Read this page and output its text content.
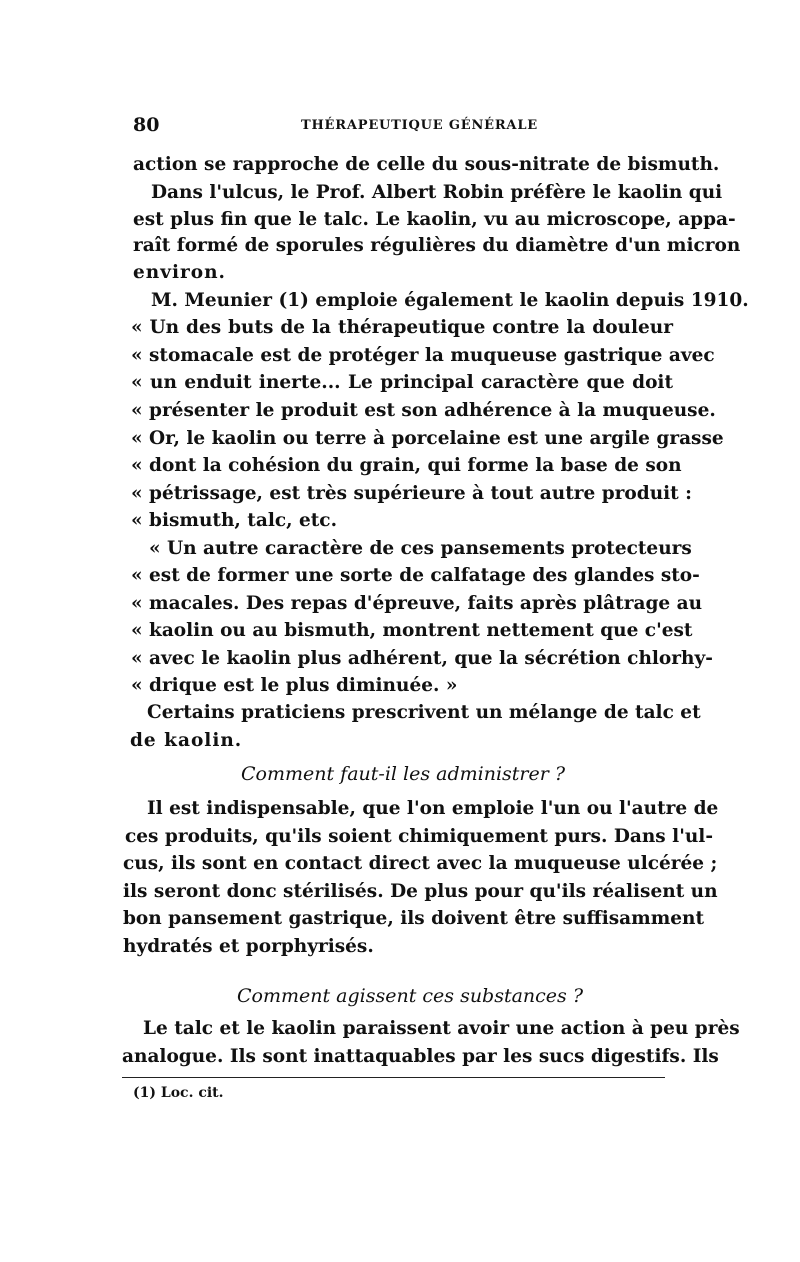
80	THÉRAPEUTIQUE GÉNÉRALE
action se rapproche de celle du sous-nitrate de bismuth.
Dans l'ulcus, le Prof. Albert Robin préfère le kaolin qui
est plus fin que le talc. Le kaolin, vu au microscope, appa-
raît formé de sporules régulières du diamètre d'un micron
environ.
M. Meunier (1) emploie également le kaolin depuis 1910.
« Un des buts de la thérapeutique contre la douleur
« stomacale est de protéger la muqueuse gastrique avec
« un enduit inerte... Le principal caractère que doit
« présenter le produit est son adhérence à la muqueuse.
« Or, le kaolin ou terre à porcelaine est une argile grasse
« dont la cohésion du grain, qui forme la base de son
« pétrissage, est très supérieure à tout autre produit :
« bismuth, talc, etc.
« Un autre caractère de ces pansements protecteurs
« est de former une sorte de calfatage des glandes sto-
« macales. Des repas d'épreuve, faits après plâtrage au
« kaolin ou au bismuth, montrent nettement que c'est
« avec le kaolin plus adhérent, que la sécrétion chlorhy-
« drique est le plus diminuée. »
Certains praticiens prescrivent un mélange de talc et
de kaolin.
Comment faut-il les administrer ?
Il est indispensable, que l'on emploie l'un ou l'autre de
ces produits, qu'ils soient chimiquement purs. Dans l'ul-
cus, ils sont en contact direct avec la muqueuse ulcérée ;
ils seront donc stérilisés. De plus pour qu'ils réalisent un
bon pansement gastrique, ils doivent être suffisamment
hydratés et porphyrisés.
Comment agissent ces substances ?
Le talc et le kaolin paraissent avoir une action à peu près
analogue. Ils sont inattaquables par les sucs digestifs. Ils
(1) Loc. cit.
